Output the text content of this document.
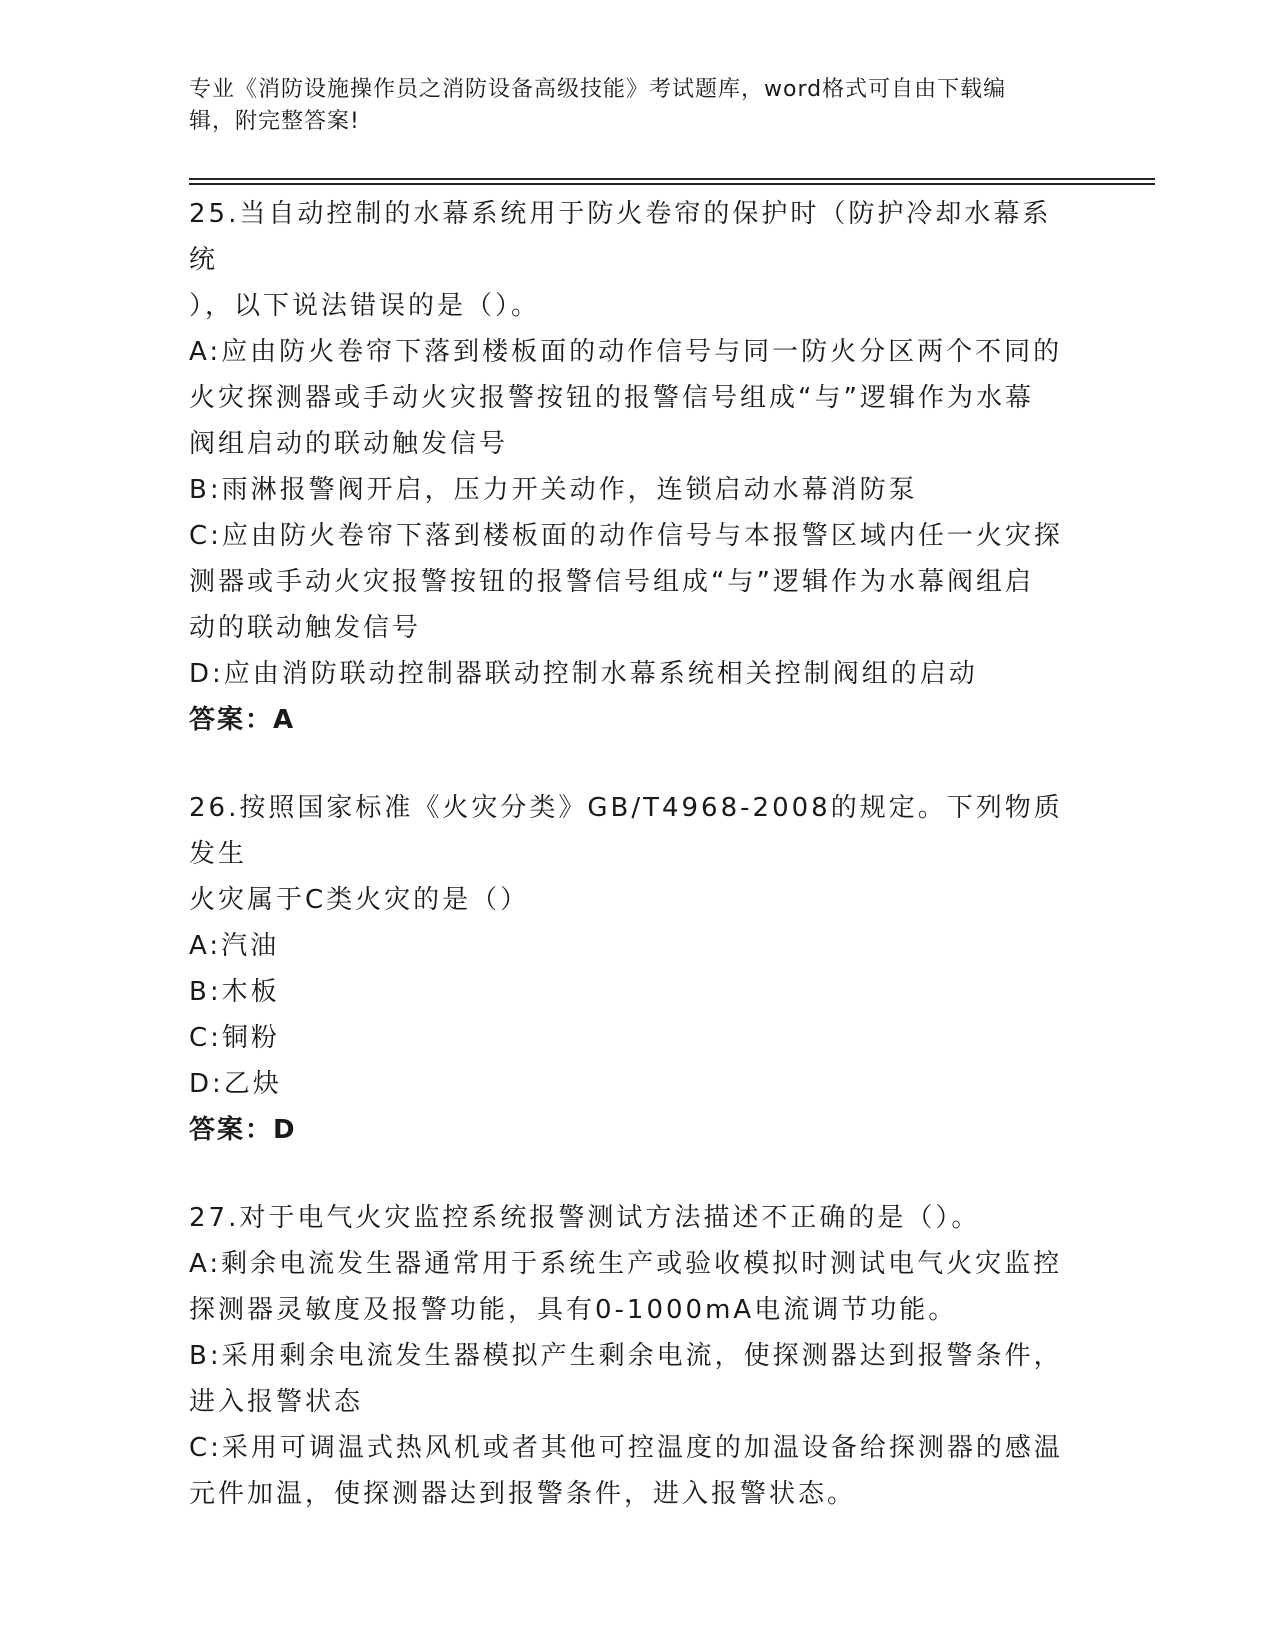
专业《消防设施操作员之消防设备高级技能》考试题库，word格式可自由下载编
辑，附完整答案!
25.当自动控制的水幕系统用于防火卷帘的保护时（防护冷却水幕系统
），以下说法错误的是（）。
A:应由防火卷帘下落到楼板面的动作信号与同一防火分区两个不同的
火灾探测器或手动火灾报警按钮的报警信号组成“与”逻辑作为水幕
阀组启动的联动触发信号
B:雨淋报警阀开启，压力开关动作，连锁启动水幕消防泵
C:应由防火卷帘下落到楼板面的动作信号与本报警区域内任一火灾探
测器或手动火灾报警按钮的报警信号组成“与”逻辑作为水幕阀组启
动的联动触发信号
D:应由消防联动控制器联动控制水幕系统相关控制阀组的启动
答案：A
26.按照国家标准《火灾分类》GB/T4968-2008的规定。下列物质发生
火灾属于C类火灾的是（）
A:汽油
B:木板
C:铜粉
D:乙炔
答案：D
27.对于电气火灾监控系统报警测试方法描述不正确的是（）。
A:剩余电流发生器通常用于系统生产或验收模拟时测试电气火灾监控
探测器灵敏度及报警功能，具有0-1000mA电流调节功能。
B:采用剩余电流发生器模拟产生剩余电流，使探测器达到报警条件，
进入报警状态
C:采用可调温式热风机或者其他可控温度的加温设备给探测器的感温
元件加温，使探测器达到报警条件，进入报警状态。
